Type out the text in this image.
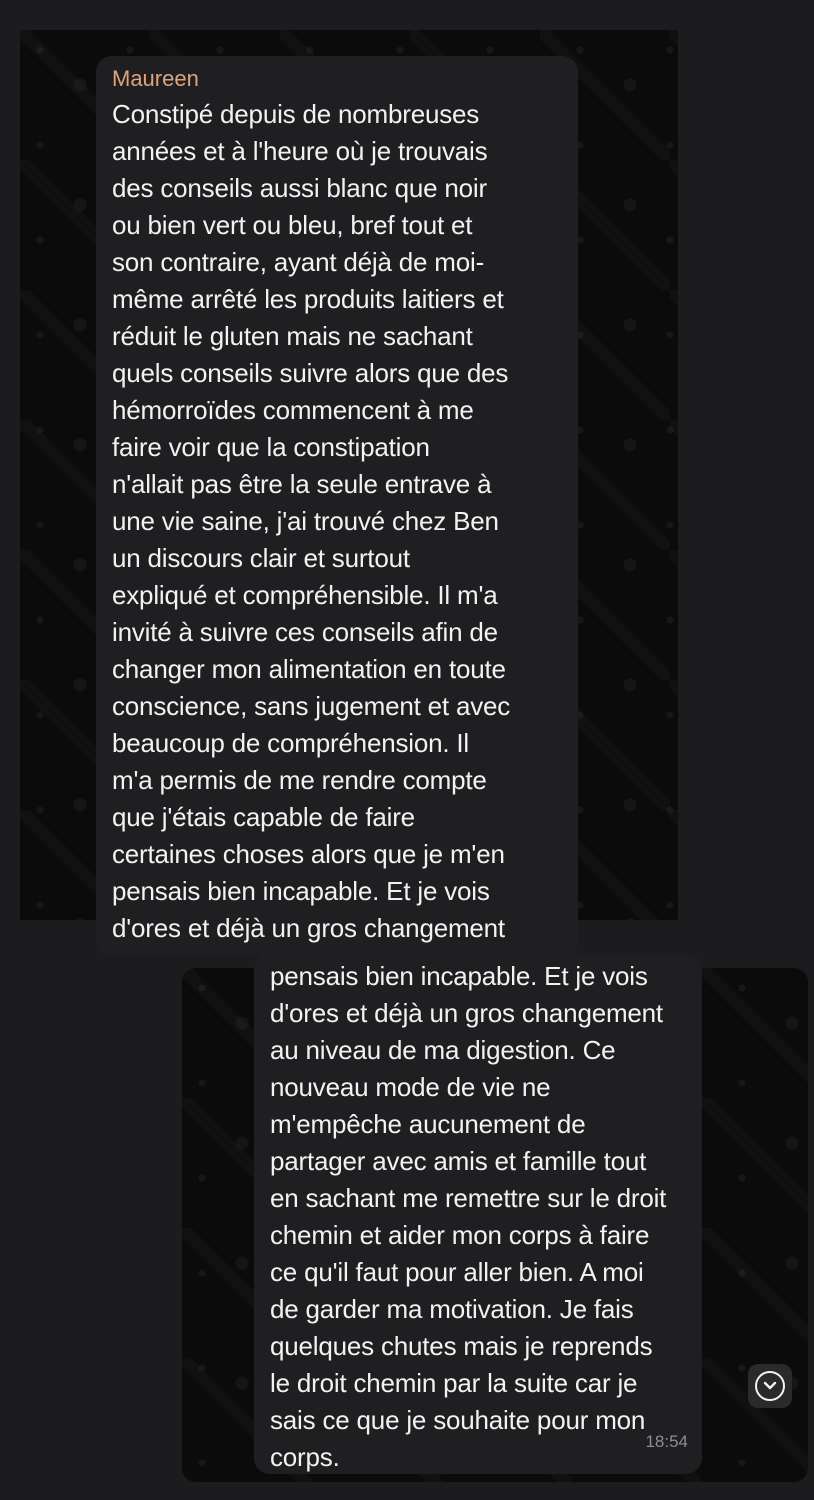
Maureen
Constipé depuis de nombreuses
années et à l'heure où je trouvais
des conseils aussi blanc que noir
ou bien vert ou bleu, bref tout et
son contraire, ayant déjà de moi-
même arrêté les produits laitiers et
réduit le gluten mais ne sachant
quels conseils suivre alors que des
hémorroïdes commencent à me
faire voir que la constipation
n'allait pas être la seule entrave à
une vie saine, j'ai trouvé chez Ben
un discours clair et surtout
expliqué et compréhensible. Il m'a
invité à suivre ces conseils afin de
changer mon alimentation en toute
conscience, sans jugement et avec
beaucoup de compréhension. Il
m'a permis de me rendre compte
que j'étais capable de faire
certaines choses alors que je m'en
pensais bien incapable. Et je vois
d'ores et déjà un gros changement
pensais bien incapable. Et je vois
d'ores et déjà un gros changement
au niveau de ma digestion. Ce
nouveau mode de vie ne
m'empêche aucunement de
partager avec amis et famille tout
en sachant me remettre sur le droit
chemin et aider mon corps à faire
ce qu'il faut pour aller bien. A moi
de garder ma motivation. Je fais
quelques chutes mais je reprends
le droit chemin par la suite car je
sais ce que je souhaite pour mon
corps.
18:54
